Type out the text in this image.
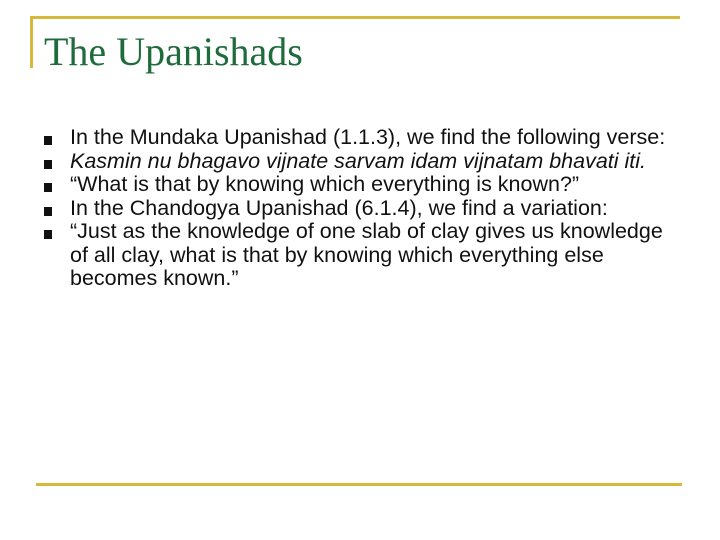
The Upanishads
In the Mundaka Upanishad (1.1.3), we find the following verse:
Kasmin nu bhagavo vijnate sarvam idam vijnatam bhavati iti.
“What is that by knowing which everything is known?”
In the Chandogya Upanishad (6.1.4), we find a variation:
“Just as the knowledge of one slab of clay gives us knowledge of all clay, what is that by knowing which everything else becomes known.”
